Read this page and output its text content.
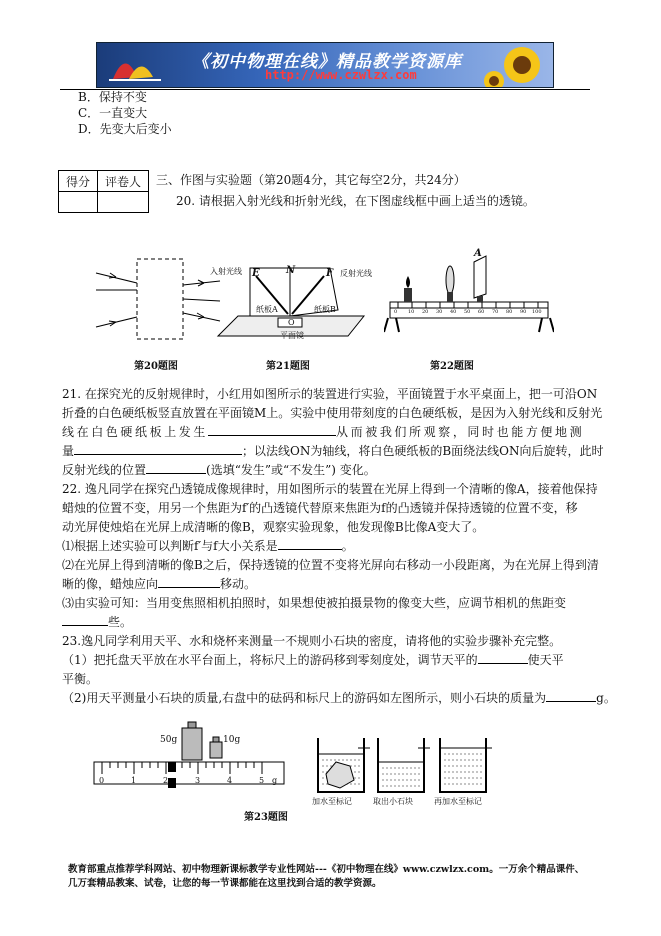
《初中物理在线》精品教学资源库
http://www.czwlzx.com
B．保持不变
C．一直变大
D．先变大后变小
得分	评卷人
	三、作图与实验题（第20题4分，其它每空2分，共24分）
20. 请根据入射光线和折射光线，在下图虚线框中画上适当的透镜。
入射光线	反射光线
E	N	F
纸板A	纸板B
O
平面镜
A
0 10 20 30 40 50 60 70 80 90 100
第20题图	第21题图	第22题图
21. 在探究光的反射规律时，小红用如图所示的装置进行实验，平面镜置于水平桌面上，把一可沿ON
折叠的白色硬纸板竖直放置在平面镜M上。实验中使用带刻度的白色硬纸板，是因为入射光线和反射光
线在白色硬纸板上发生	从而被我们所观察，同时也能方便地测
量	；以法线ON为轴线，将白色硬纸板的B面绕法线ON向后旋转，此时
反射光线的位置	(选填“发生”或“不发生”) 变化。
22. 逸凡同学在探究凸透镜成像规律时，用如图所示的装置在光屏上得到一个清晰的像A，接着他保持
蜡烛的位置不变，用另一个焦距为f′的凸透镜代替原来焦距为f的凸透镜并保持透镜的位置不变，移
动光屏使烛焰在光屏上成清晰的像B，观察实验现象，他发现像B比像A变大了。
⑴根据上述实验可以判断f′与f大小关系是	。
⑵在光屏上得到清晰的像B之后，保持透镜的位置不变将光屏向右移动一小段距离，为在光屏上得到清
晰的像，蜡烛应向	移动。
⑶由实验可知：当用变焦照相机拍照时，如果想使被拍摄景物的像变大些，应调节相机的焦距变
些。
23.逸凡同学利用天平、水和烧杯来测量一不规则小石块的密度，请将他的实验步骤补充完整。
（1）把托盘天平放在水平台面上，将标尺上的游码移到零刻度处，调节天平的	使天平
平衡。
（2)用天平测量小石块的质量,右盘中的砝码和标尺上的游码如左图所示，则小石块的质量为	g。
50g	10g
0	1	2	3	4	5 g
加水至标记	取出小石块	再加水至标记
第23题图
教育部重点推荐学科网站、初中物理新课标教学专业性网站---《初中物理在线》www.czwlzx.com。一万余个精品课件、
几万套精品教案、试卷，让您的每一节课都能在这里找到合适的教学资源。
